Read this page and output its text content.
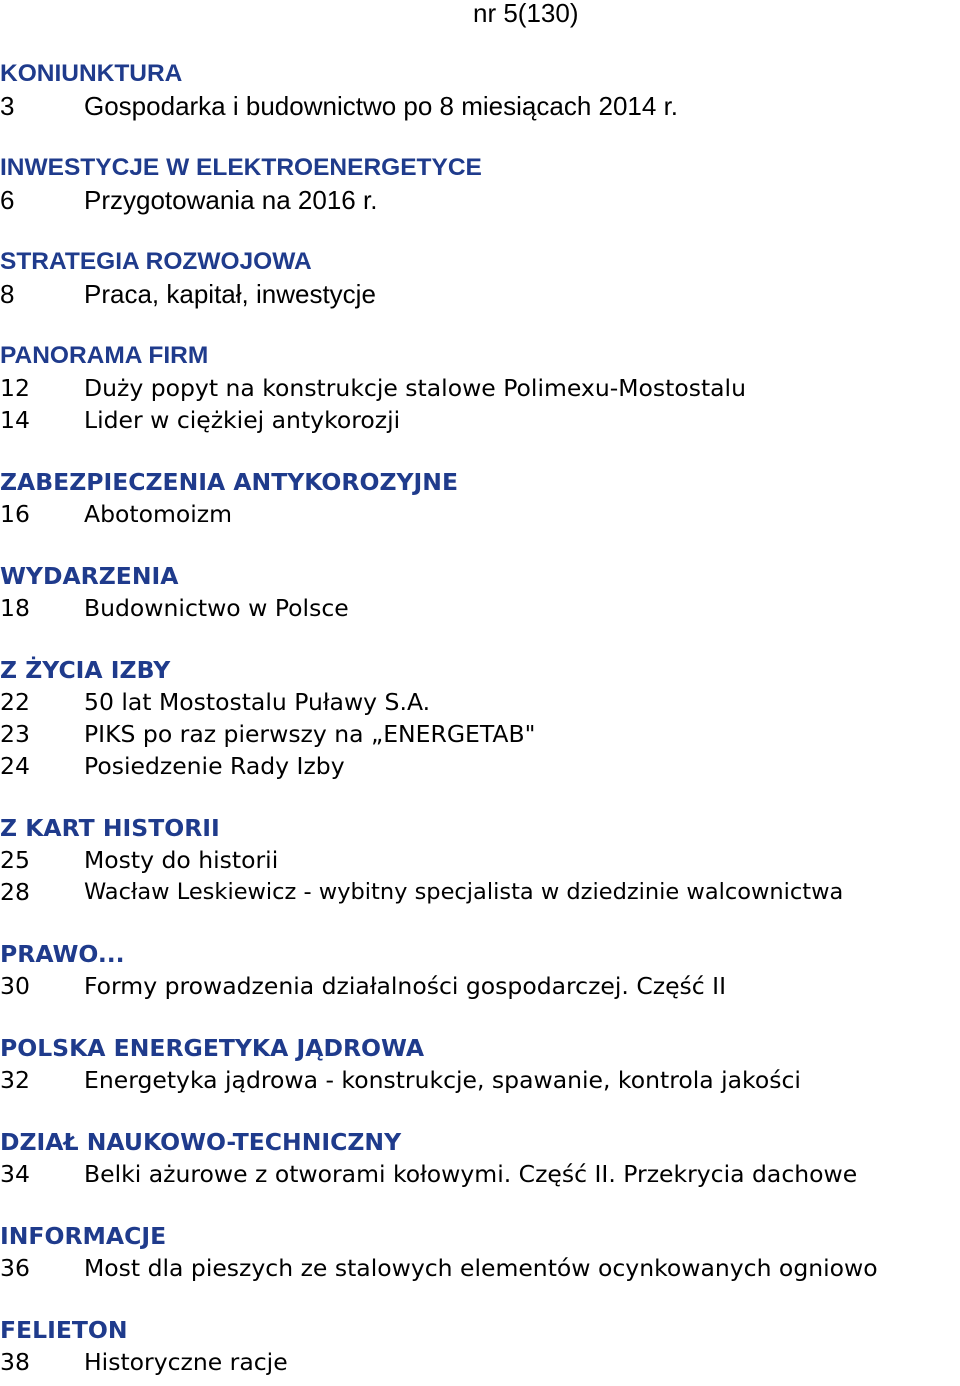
nr 5(130)
KONIUNKTURA
3	Gospodarka i budownictwo po 8 miesiącach 2014 r.
INWESTYCJE W ELEKTROENERGETYCE
6	Przygotowania na 2016 r.
STRATEGIA ROZWOJOWA
8	Praca, kapitał, inwestycje
PANORAMA FIRM
12	Duży popyt na konstrukcje stalowe Polimexu-Mostostalu
14	Lider w ciężkiej antykorozji
ZABEZPIECZENIA ANTYKOROZYJNE
16	Abotomoizm
WYDARZENIA
18	Budownictwo w Polsce
Z ŻYCIA IZBY
22	50 lat Mostostalu Puławy S.A.
23	PIKS po raz pierwszy na „ENERGETAB"
24	Posiedzenie Rady Izby
Z KART HISTORII
25	Mosty do historii
28	Wacław Leskiewicz - wybitny specjalista w dziedzinie walcownictwa
PRAWO...
30	Formy prowadzenia działalności gospodarczej. Część II
POLSKA ENERGETYKA JĄDROWA
32	Energetyka jądrowa - konstrukcje, spawanie, kontrola jakości
DZIAŁ NAUKOWO-TECHNICZNY
34	Belki ażurowe z otworami kołowymi. Część II. Przekrycia dachowe
INFORMACJE
36	Most dla pieszych ze stalowych elementów ocynkowanych ogniowo
FELIETON
38	Historyczne racje
